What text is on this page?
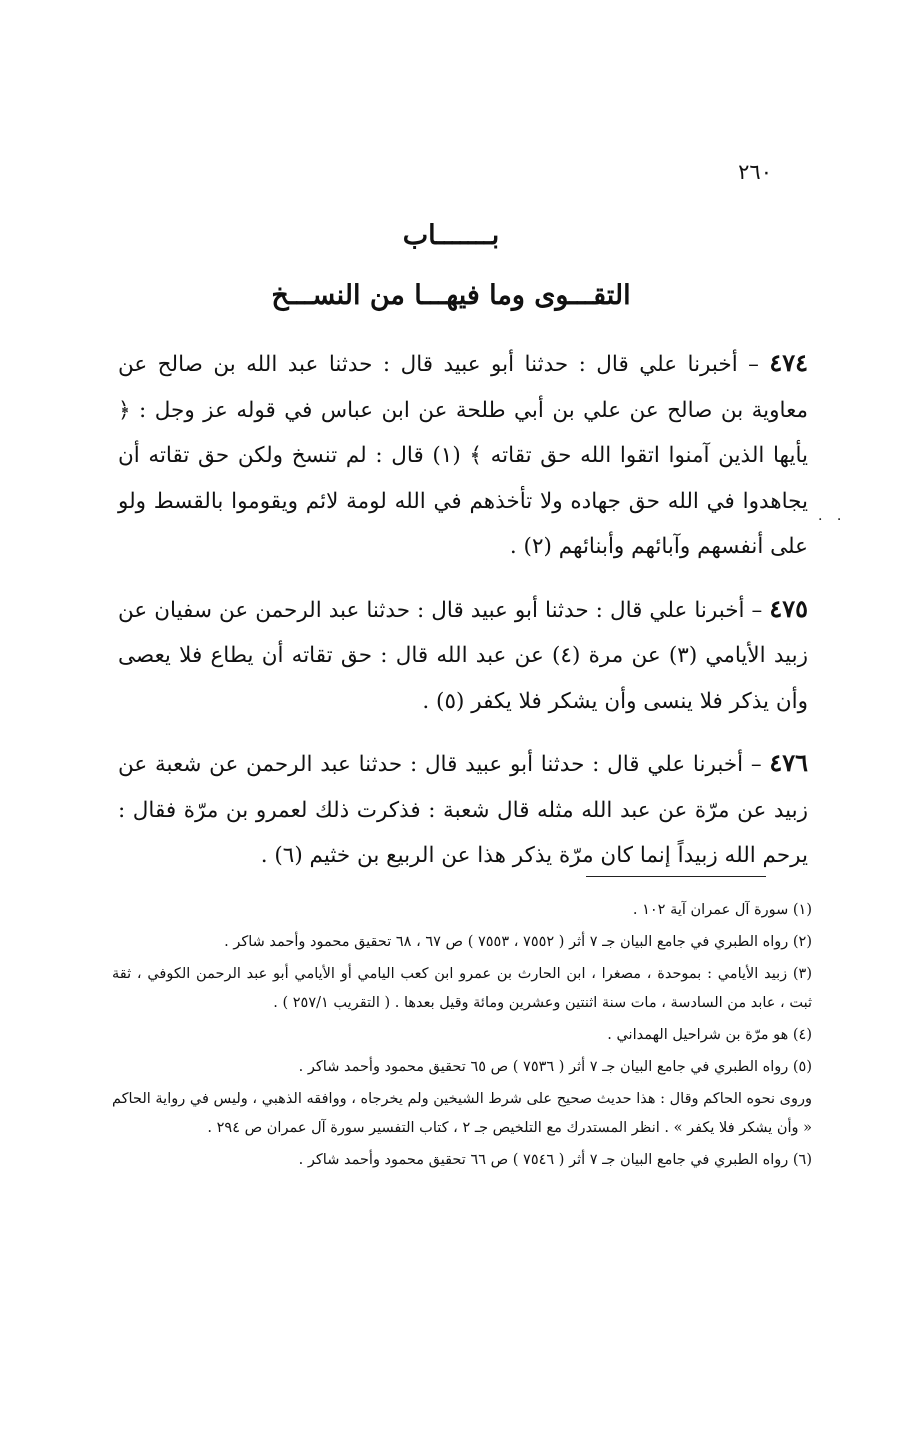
٢٦٠
بـــــــاب
التقـــوى وما فيهـــا من النســـخ

٤٧٤ – أخبرنا علي قال : حدثنا أبو عبيد قال : حدثنا عبد الله بن صالح عن معاوية بن صالح عن علي بن أبي طلحة عن ابن عباس في قوله عز وجل : ﴿ يأيها الذين آمنوا اتقوا الله حق تقاته ﴾ (١) قال : لم تنسخ ولكن حق تقاته أن يجاهدوا في الله حق جهاده ولا تأخذهم في الله لومة لائم ويقوموا بالقسط ولو على أنفسهم وآبائهم وأبنائهم (٢) .

٤٧٥ – أخبرنا علي قال : حدثنا أبو عبيد قال : حدثنا عبد الرحمن عن سفيان عن زبيد الأيامي (٣) عن مرة (٤) عن عبد الله قال : حق تقاته أن يطاع فلا يعصى وأن يذكر فلا ينسى وأن يشكر فلا يكفر (٥) .

٤٧٦ – أخبرنا علي قال : حدثنا أبو عبيد قال : حدثنا عبد الرحمن عن شعبة عن زبيد عن مرّة عن عبد الله مثله قال شعبة : فذكرت ذلك لعمرو بن مرّة فقال : يرحم الله زبيداً إنما كان مرّة يذكر هذا عن الربيع بن خثيم (٦) .

. .

(١) سورة آل عمران آية ١٠٢ .

(٢) رواه الطبري في جامع البيان جـ ٧ أثر ( ٧٥٥٢ ، ٧٥٥٣ ) ص ٦٧ ، ٦٨ تحقيق محمود وأحمد شاكر .

(٣) زبيد الأيامي : بموحدة ، مصغرا ، ابن الحارث بن عمرو ابن كعب اليامي أو الأيامي أبو عبد الرحمن الكوفي ، ثقة ثبت ، عابد من السادسة ، مات سنة اثنتين وعشرين ومائة وقيل بعدها . ( التقريب ٢٥٧/١ ) .

(٤) هو مرّة بن شراحيل الهمداني .

(٥) رواه الطبري في جامع البيان جـ ٧ أثر ( ٧٥٣٦ ) ص ٦٥ تحقيق محمود وأحمد شاكر .

وروى نحوه الحاكم وقال : هذا حديث صحيح على شرط الشيخين ولم يخرجاه ، ووافقه الذهبي ، وليس في رواية الحاكم « وأن يشكر فلا يكفر » . انظر المستدرك مع التلخيص جـ ٢ ، كتاب التفسير سورة آل عمران ص ٢٩٤ .

(٦) رواه الطبري في جامع البيان جـ ٧ أثر ( ٧٥٤٦ ) ص ٦٦ تحقيق محمود وأحمد شاكر .
